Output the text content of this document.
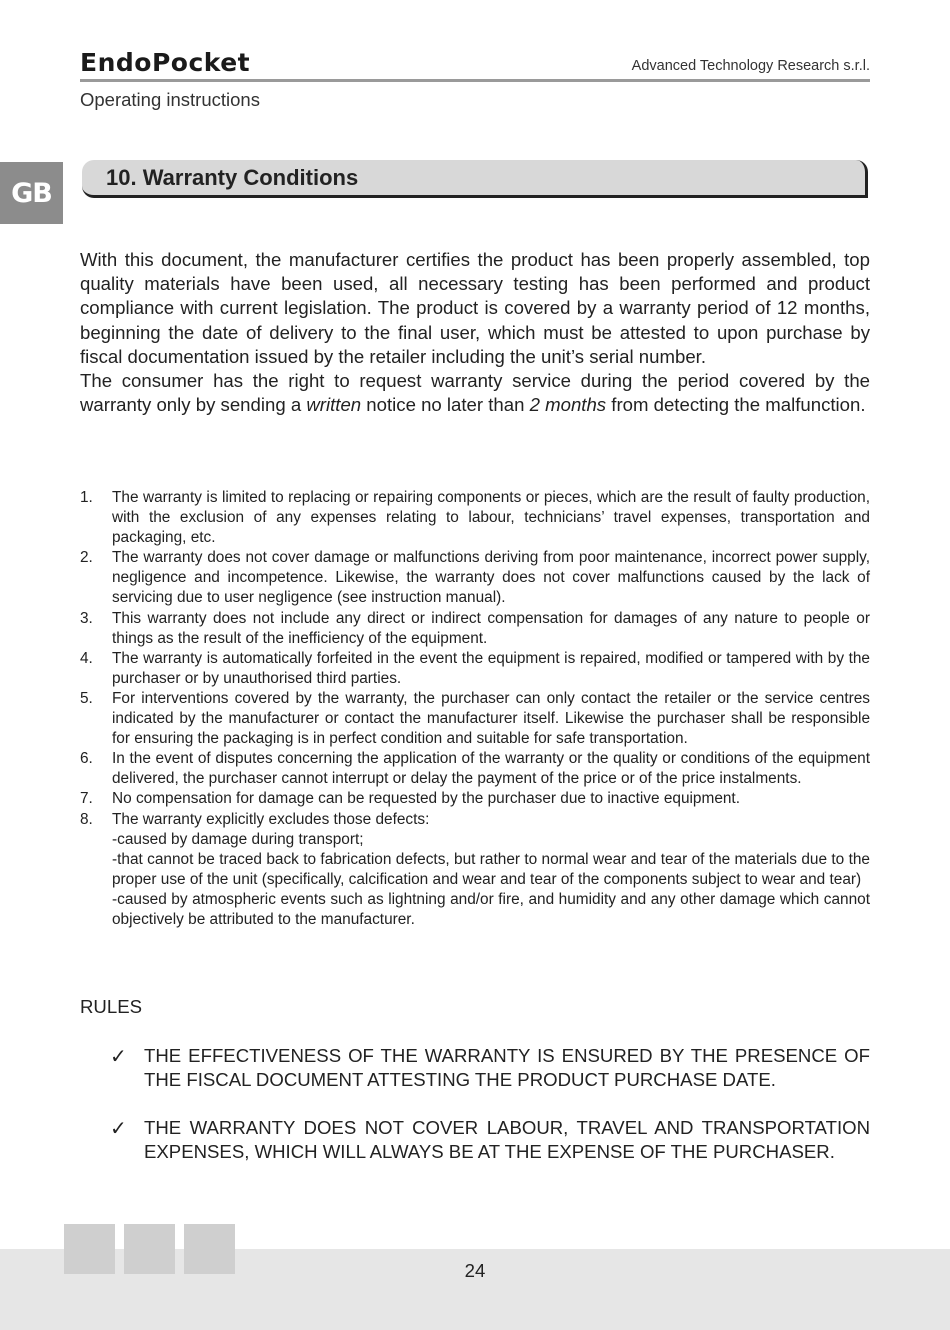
EndoPocket	Advanced Technology Research s.r.l.
Operating instructions
GB	10. Warranty Conditions

With this document, the manufacturer certifies the product has been properly assembled, top quality materials have been used, all necessary testing has been performed and product compliance with current legislation. The product is covered by a warranty period of 12 months, beginning the date of delivery to the final user, which must be attested to upon purchase by fiscal documentation issued by the retailer including the unit’s serial number.

The consumer has the right to request warranty service during the period covered by the warranty only by sending a written notice no later than 2 months from detecting the malfunction.

1. The warranty is limited to replacing or repairing components or pieces, which are the result of faulty production, with the exclusion of any expenses relating to labour, technicians’ travel expenses, transportation and packaging, etc.
2. The warranty does not cover damage or malfunctions deriving from poor maintenance, incorrect power supply, negligence and incompetence. Likewise, the warranty does not cover malfunctions caused by the lack of servicing due to user negligence (see instruction manual).
3. This warranty does not include any direct or indirect compensation for damages of any nature to people or things as the result of the inefficiency of the equipment.
4. The warranty is automatically forfeited in the event the equipment is repaired, modified or tampered with by the purchaser or by unauthorised third parties.
5. For interventions covered by the warranty, the purchaser can only contact the retailer or the service centres indicated by the manufacturer or contact the manufacturer itself. Likewise the purchaser shall be responsible for ensuring the packaging is in perfect condition and suitable for safe transportation.
6. In the event of disputes concerning the application of the warranty or the quality or conditions of the equipment delivered, the purchaser cannot interrupt or delay the payment of the price or of the price instalments.
7. No compensation for damage can be requested by the purchaser due to inactive equipment.
8. The warranty explicitly excludes those defects:
-caused by damage during transport;
-that cannot be traced back to fabrication defects, but rather to normal wear and tear of the materials due to the proper use of the unit (specifically, calcification and wear and tear of the components subject to wear and tear)
-caused by atmospheric events such as lightning and/or fire, and humidity and any other damage which cannot objectively be attributed to the manufacturer.
RULES
✓ THE EFFECTIVENESS OF THE WARRANTY IS ENSURED BY THE PRESENCE OF THE FISCAL DOCUMENT ATTESTING THE PRODUCT PURCHASE DATE.
✓ THE WARRANTY DOES NOT COVER LABOUR, TRAVEL AND TRANSPORTATION EXPENSES, WHICH WILL ALWAYS BE AT THE EXPENSE OF THE PURCHASER.
24
